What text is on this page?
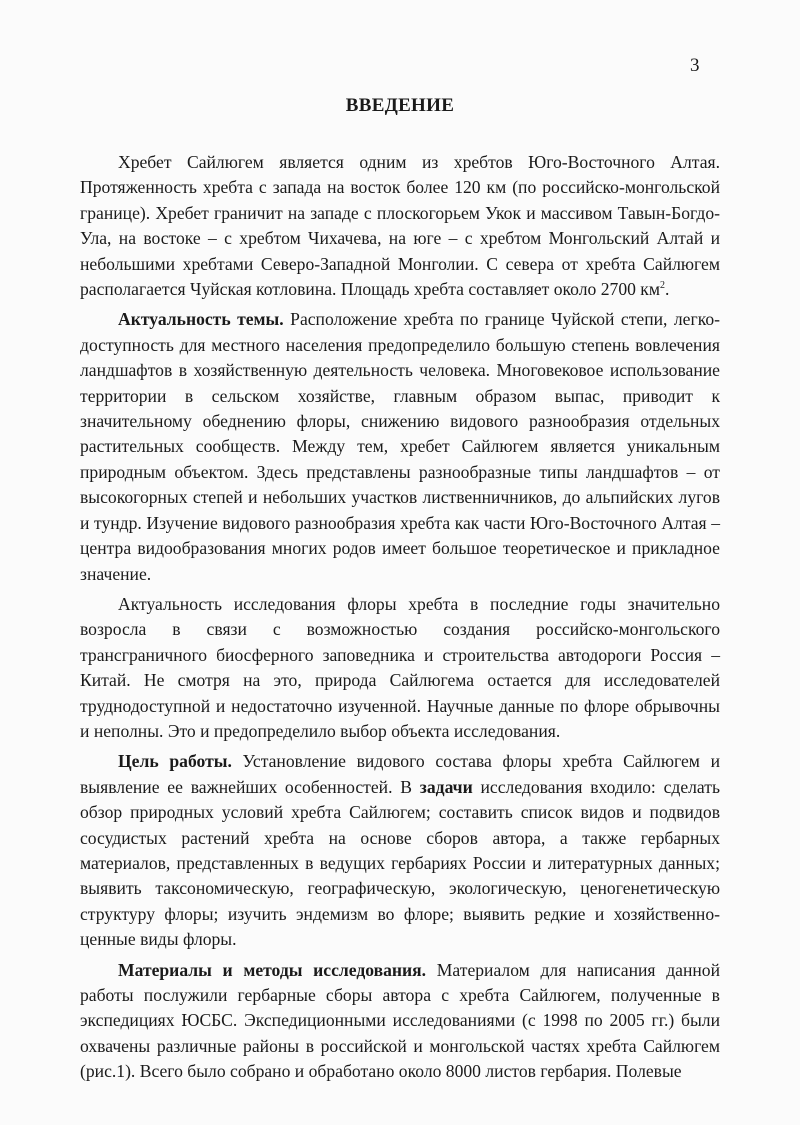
3
ВВЕДЕНИЕ

Хребет Сайлюгем является одним из хребтов Юго-Восточного Алтая. Протяженность хребта с запада на восток более 120 км (по российско-монгольской границе). Хребет граничит на западе с плоскогорьем Укок и массивом Тавын-Богдо-Ула, на востоке – с хребтом Чихачева, на юге – с хребтом Монгольский Алтай и небольшими хребтами Северо-Западной Монголии. С севера от хребта Сайлюгем располагается Чуйская котловина. Площадь хребта составляет около 2700 $км^2$.

Актуальность темы. Расположение хребта по границе Чуйской степи, легко-доступность для местного населения предопределило большую степень вовлечения ландшафтов в хозяйственную деятельность человека. Многовековое использование территории в сельском хозяйстве, главным образом выпас, приводит к значительному обеднению флоры, снижению видового разнообразия отдельных растительных сообществ. Между тем, хребет Сайлюгем является уникальным природным объектом. Здесь представлены разнообразные типы ландшафтов – от высокогорных степей и небольших участков лиственничников, до альпийских лугов и тундр. Изучение видового разнообразия хребта как части Юго-Восточного Алтая – центра видообразования многих родов имеет большое теоретическое и прикладное значение.

Актуальность исследования флоры хребта в последние годы значительно возросла в связи с возможностью создания российско-монгольского трансграничного биосферного заповедника и строительства автодороги Россия – Китай. Не смотря на это, природа Сайлюгема остается для исследователей труднодоступной и недостаточно изученной. Научные данные по флоре обрывочны и неполны. Это и предопределило выбор объекта исследования.

Цель работы. Установление видового состава флоры хребта Сайлюгем и выявление ее важнейших особенностей. В задачи исследования входило: сделать обзор природных условий хребта Сайлюгем; составить список видов и подвидов сосудистых растений хребта на основе сборов автора, а также гербарных материалов, представленных в ведущих гербариях России и литературных данных; выявить таксономическую, географическую, экологическую, ценогенетическую структуру флоры; изучить эндемизм во флоре; выявить редкие и хозяйственно-ценные виды флоры.

Материалы и методы исследования. Материалом для написания данной работы послужили гербарные сборы автора с хребта Сайлюгем, полученные в экспедициях ЮСБС. Экспедиционными исследованиями (с 1998 по 2005 гг.) были охвачены различные районы в российской и монгольской частях хребта Сайлюгем (рис.1). Всего было собрано и обработано около 8000 листов гербария. Полевые
